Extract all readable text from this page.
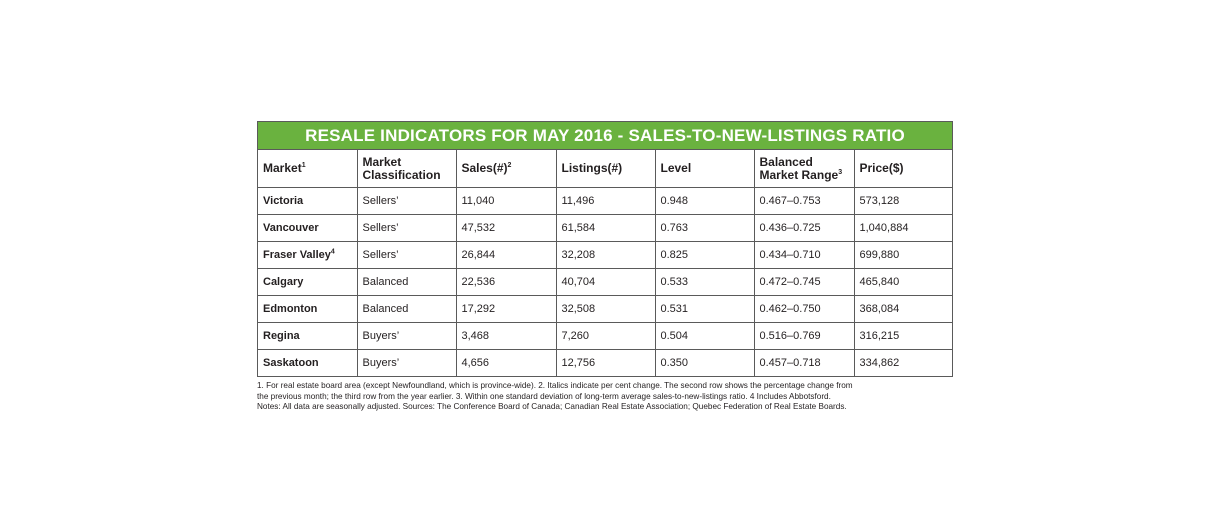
RESALE INDICATORS FOR MAY 2016 - SALES-TO-NEW-LISTINGS RATIO
Market$^1$	Market Classification	Sales(#)$^2$	Listings(#)	Level	Balanced Market Range$^3$	Price($)
Victoria	Sellers’	11,040	11,496	0.948	0.467–0.753	573,128
Vancouver	Sellers’	47,532	61,584	0.763	0.436–0.725	1,040,884
Fraser Valley$^4$	Sellers’	26,844	32,208	0.825	0.434–0.710	699,880
Calgary	Balanced	22,536	40,704	0.533	0.472–0.745	465,840
Edmonton	Balanced	17,292	32,508	0.531	0.462–0.750	368,084
Regina	Buyers’	3,468	7,260	0.504	0.516–0.769	316,215
Saskatoon	Buyers’	4,656	12,756	0.350	0.457–0.718	334,862
1. For real estate board area (except Newfoundland, which is province-wide). 2. Italics indicate per cent change. The second row shows the percentage change from
the previous month; the third row from the year earlier. 3. Within one standard deviation of long-term average sales-to-new-listings ratio. 4 Includes Abbotsford.
Notes: All data are seasonally adjusted. Sources: The Conference Board of Canada; Canadian Real Estate Association; Quebec Federation of Real Estate Boards.
